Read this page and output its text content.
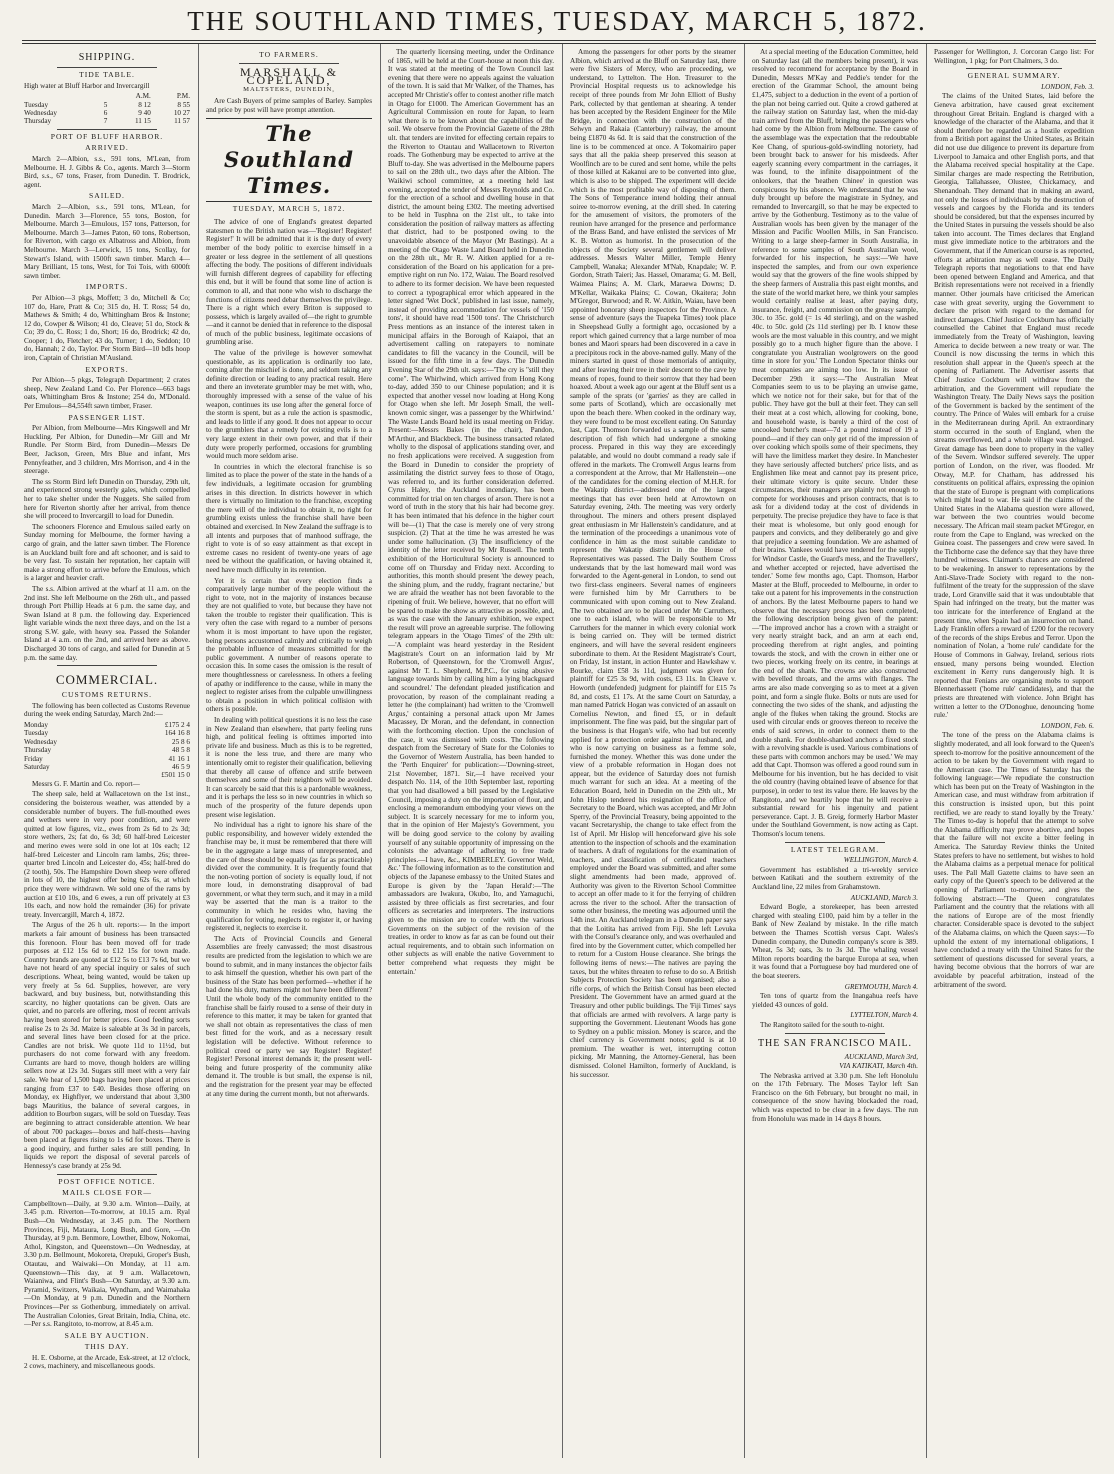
THE SOUTHLAND TIMES, TUESDAY, MARCH 5, 1872.
SHIPPING.
TIDE TABLE.

High water at Bluff Harbor and Invercargill

		A.M.	P.M.
Tuesday	5	8 12	8 55
Wednesday	6	9 40	10 27
Thursday	7	11 15	11 57
PORT OF BLUFF HARBOR.
ARRIVED.

March 2—Albion, s.s., 591 tons, M'Lean, from Melbourne. H. J. Gibbs & Co., agents. March 3—Storm Bird, s.s., 67 tons, Fraser, from Dunedin. T. Brodrick, agent.

SAILED.

March 2—Albion, s.s., 591 tons, M'Lean, for Dunedin. March 3—Florence, 55 tons, Boston, for Melbourne. March 3—Emulous, 157 tons, Patterson, for Melbourne. March 3—James Paton, 60 tons, Robertson, for Riverton, with cargo ex Albatross and Albion, from Melbourne. March 3—Lerwick, 15 tons, Scollay, for Stewart's Island, with 1500ft sawn timber. March 4—Mary Brilliant, 15 tons, West, for Toi Tois, with 6000ft sawn timber.

IMPORTS.

Per Albion—3 pkgs, Moffett; 3 do, Mitchell & Co; 107 do, Hare, Pratt & Co; 315 do, H. T. Ross; 54 do, Mathews & Smith; 4 do, Whittingham Bros & Instone; 12 do, Cowper & Wilson; 41 do, Cleave; 51 do, Stock & Co; 39 do, C. Ross; 1 do, Short; 16 do, Brodrick; 42 do, Cooper; 1 do, Fletcher; 43 do, Turner; 1 do, Seddon; 10 do, Hannah; 2 do, Taylor. Per Storm Bird—10 bdls hoop iron, Captain of Christian M'Ausland.

EXPORTS.

Per Albion—5 pkgs, Telegraph Department; 2 crates sheep, New Zealand Land Co. Per Florence—663 bags oats, Whittingham Bros & Instone; 254 do, M'Donald. Per Emulous—84,554ft sawn timber, Fraser.

PASSENGER LIST.

Per Albion, from Melbourne—Mrs Kingswell and Mr Huckling. Per Albion, for Dunedin—Mr Gill and Mr Rundle. Per Storm Bird, from Dunedin—Messrs De Beer, Jackson, Green, Mrs Blue and infant, Mrs Pennyfeather, and 3 children, Mrs Morrison, and 4 in the steerage.

The ss Storm Bird left Dunedin on Thursday, 29th ult, and experienced strong westerly gales, which compelled her to take shelter under the Nuggets. She sailed from here for Riverton shortly after her arrival, from thence she will proceed to Invercargill to load for Dunedin.

The schooners Florence and Emulous sailed early on Sunday morning for Melbourne, the former having a cargo of grain, and the latter sawn timber. The Florence is an Auckland built fore and aft schooner, and is said to be very fast. To sustain her reputation, her captain will make a strong effort to arrive before the Emulous, which is a larger and heavier craft.

The s.s. Albion arrived at the wharf at 11 a.m. on the 2nd inst. She left Melbourne on the 26th ult., and passed through Port Phillip Heads at 6 p.m. the same day, and Swan Island at 8 p.m. the following day. Experienced light variable winds the next three days, and on the 1st a strong S.W. gale, with heavy sea. Passed the Solander Island at 4 a.m. on the 2nd, and arrived here as above. Discharged 30 tons of cargo, and sailed for Dunedin at 5 p.m. the same day.

COMMERCIAL.
CUSTOMS RETURNS.

The following has been collected as Customs Revenue during the week ending Saturday, March 2nd:—

Monday	£175 2 4
Tuesday	164 16 8
Wednesday	25 8 6
Thursday	48 5 8
Friday	41 16 1
Saturday	46 5 9
	£501 15 0

Messrs G. F. Martin and Co. report—

The sheep sale, held at Wallacetown on the 1st inst., considering the boisterous weather, was attended by a considerable number of buyers. The full-mouthed ewes and wethers were in very poor condition, and were quitted at low figures, viz., ewes from 2s 6d to 2s 3d; store wethers, 2s; fat do, 6s 3d; 60 half-bred Leicester and merino ewes were sold in one lot at 10s each; 12 half-bred Leicester and Lincoln ram lambs, 26s; three-quarter bred Lincoln and Leicester do, 45s; half-bred do (2 tooth), 50s. The Hampshire Down sheep were offered in lots of 10, the highest offer being 62s 6s, at which price they were withdrawn. We sold one of the rams by auction at £10 10s, and 6 ewes, a run off privately at £3 10s each, and now hold the remainder (36) for private treaty. Invercargill, March 4, 1872.

The Argus of the 26 h ult. reports:— In the import markets a fair amount of business has been transacted this forenoon. Flour has been moved off for trade purposes at £12 15s 6d to £12 15s for town made. Country brands are quoted at £12 5s to £13 7s 6d, but we have not heard of any special inquiry or sales of such descriptions. Wheat, being wanted, would be taken up very freely at 5s 6d. Supplies, however, are very backward, and buy business, but, notwithstanding this scarcity, no higher quotations can be given. Oats are quiet, and no parcels are offering, most of recent arrivals having been stored for better prices. Good feeding sorts realise 2s to 2s 3d. Maize is saleable at 3s 3d in parcels, and several lines have been closed for at the price. Candles are not brisk. We quote 11d to 11½d, but purchasers do not come forward with any freedom. Currants are hard to move, though holders are willing sellers now at 12s 3d. Sugars still meet with a very fair sale. We hear of 1,500 bags having been placed at prices ranging from £37 to £40. Besides those offering on Monday, ex Highflyer, we understand that about 3,300 bags Mauritius, the balance of several cargoes, in addition to Bourbon sugars, will be sold on Tuesday. Teas are beginning to attract considerable attention. We hear of about 700 packages—boxes and half-chests—having been placed at figures rising to 1s 6d for boxes. There is a good inquiry, and further sales are still pending. In liquids we report the disposal of several parcels of Hennessy's case brandy at 25s 9d.

POST OFFICE NOTICE.
MAILS CLOSE FOR—

Campbelltown—Daily, at 9.30 a.m. Winton—Daily, at 3.45 p.m. Riverton—To-morrow, at 10.15 a.m. Ryal Bush—On Wednesday, at 3.45 p.m. The Northern Provinces, Fiji, Mataura, Long Bush, and Gore, —On Thursday, at 9 p.m. Benmore, Lowther, Elbow, Nokomai, Athol, Kingston, and Queenstown—On Wednesday, at 3.30 p.m. Bellmount, Mokoreta, Orepuki, Groper's Bush, Otautau, and Waiwaki—On Monday, at 11 a.m. Queenstown—This day, at 9 a.m. Wallacetown, Waianiwa, and Flint's Bush—On Saturday, at 9.30 a.m. Pyramid, Switzers, Waikaia, Wyndham, and Waimahaka—On Monday, at 9 p.m. Dunedin and the Northern Provinces—Per ss Gothenburg, immediately on arrival. The Australian Colonies, Great Britain, India, China, etc.—Per s.s. Rangitoto, to-morrow, at 8.45 a.m.

SALE BY AUCTION.
THIS DAY.

H. E. Osborne, at the Arcade, Esk-street, at 12 o'clock, 2 cows, machinery, and miscellaneous goods.

TO FARMERS.
MARSHALL & COPELAND,
MALTSTERS, DUNEDIN,

Are Cash Buyers of prime samples of Barley. Samples and price by post will have prompt attention.

The Southland Times.
TUESDAY, MARCH 5, 1872.

The advice of one of England's greatest departed statesmen to the British nation was—'Register! Register! Register!' It will be admitted that it is the duty of every member of the body politic to exercise himself in a greater or less degree in the settlement of all questions affecting the body. The positions of different individuals will furnish different degrees of capability for effecting this end, but it will be found that some line of action is common to all, and that none who wish to discharge the functions of citizens need debar themselves the privilege. There is a right which every Briton is supposed to possess, which is largely availed of—the right to grumble—and it cannot be denied that in reference to the disposal of much of the public business, legitimate occasions of grumbling arise.

The value of the privilege is however somewhat questionable, as its application is ordinarily too late, coming after the mischief is done, and seldom taking any definite direction or leading to any practical result. Here and there an inveterate grumbler may be met with, who, thoroughly impressed with a sense of the value of his weapon, continues its use long after the general force of the storm is spent, but as a rule the action is spasmodic, and leads to little if any good. It does not appear to occur to the grumblers that a remedy for existing evils is to a very large extent in their own power, and that if their duty were properly performed, occasions for grumbling would much more seldom arise.

In countries in which the electoral franchise is so limited as to place the power of the state in the hands of a few individuals, a legitimate occasion for grumbling arises in this direction. In districts however in which there is virtually no limitation to the franchise, excepting the mere will of the individual to obtain it, no right for grumbling exists unless the franchise shall have been obtained and exercised. In New Zealand the suffrage is to all intents and purposes that of manhood suffrage, the right to vote is of so easy attainment as that except in extreme cases no resident of twenty-one years of age need be without the qualification, or having obtained it, need have much difficulty in its retention.

Yet it is certain that every election finds a comparatively large number of the people without the right to vote, not in the majority of instances because they are not qualified to vote, but because they have not taken the trouble to register their qualification. This is very often the case with regard to a number of persons whom it is most important to have upon the register, being persons accustomed calmly and critically to weigh the probable influence of measures submitted for the public government. A number of reasons operate to occasion this. In some cases the omission is the result of mere thoughtlessness or carelessness. In others a feeling of apathy or indifference to the cause, while in many the neglect to register arises from the culpable unwillingness to obtain a position in which political collision with others is possible.

In dealing with political questions it is no less the case in New Zealand than elsewhere, that party feeling runs high, and political feeling is ofttimes imported into private life and business. Much as this is to be regretted, it is none the less true, and there are many who intentionally omit to register their qualification, believing that thereby all cause of offence and strife between themselves and some of their neighbors will be avoided. It can scarcely be said that this is a pardonable weakness, and it is perhaps the less so in new countries in which so much of the prosperity of the future depends upon present wise legislation.

No individual has a right to ignore his share of the public responsibility, and however widely extended the franchise may be, it must be remembered that there will be in the aggregate a large mass of unrepresented, and the care of these should be equally (as far as practicable) divided over the community. It is frequently found that the non-voting portion of society is equally loud, if not more loud, in demonstrating disapproval of bad government, or what they term such, and it may in a mild way be asserted that the man is a traitor to the community in which he resides who, having the qualification for voting, neglects to register it, or having registered it, neglects to exercise it.

The Acts of Provincial Councils and General Assemblies are freely canvassed; the most disastrous results are predicted from the legislation to which we are bound to submit, and in many instances the objector fails to ask himself the question, whether his own part of the business of the State has been performed—whether if he had done his duty, matters might not have been different? Until the whole body of the community entitled to the franchise shall be fairly roused to a sense of their duty in reference to this matter, it may be taken for granted that we shall not obtain as representatives the class of men best fitted for the work, and as a necessary result legislation will be defective. Without reference to political creed or party we say Register! Register! Register! Personal interest demands it; the present well-being and future prosperity of the community alike demand it. The trouble is but small, the expense is nil, and the registration for the present year may be effected at any time during the current month, but not afterwards.

The quarterly licensing meeting, under the Ordinance of 1865, will be held at the Court-house at noon this day. It was stated at the meeting of the Town Council last evening that there were no appeals against the valuation of the town. It is said that Mr Walker, of the Thames, has accepted Mr Christie's offer to contest another rifle match in Otago for £1000. The American Government has an Agricultural Commission en route for Japan, to learn what there is to be known about the capabilities of the soil. We observe from the Provincial Gazette of the 28th ult. that tenders are invited for effecting certain repairs to the Riverton to Otautau and Wallacetown to Riverton roads. The Gothenburg may be expected to arrive at the Bluff to-day. She was advertised in the Melbourne papers to sail on the 28th ult., two days after the Albion. The Waikiwi school committee, at a meeting held last evening, accepted the tender of Messrs Reynolds and Co. for the erection of a school and dwelling house in that district, the amount being £302. The meeting advertised to be held in Tusphna on the 21st ult., to take into consideration the position of railway matters as affecting that district, had to be postponed owing to the unavoidable absence of the Mayor (Mr Bastings). At a meeting of the Otago Waste Land Board held in Dunedin on the 28th ult., Mr R. W. Aitken applied for a re-consideration of the Board on his application for a pre-emptive right on run No. 172, Waiau. The Board resolved to adhere to its former decision. We have been requested to correct a typographical error which appeared in the letter signed 'Wet Dock', published in last issue, namely, instead of providing accommodation for vessels of '150 tons', it should have read '1500 tons'. The Christchurch Press mentions as an instance of the interest taken in municipal affairs in the Borough of Kaiapoi, that an advertisement calling on ratepayers to nominate candidates to fill the vacancy in the Council, will be issued for the fifth time in a few days. The Dunedin Evening Star of the 29th ult. says:—'The cry is "still they come". The Whirlwind, which arrived from Hong Kong to-day, added 350 to our Chinese population; and it is expected that another vessel now loading at Hong Kong for Otago when she left. Mr Joseph Small, the well-known comic singer, was a passenger by the Whirlwind.' The Waste Lands Board held its usual meeting on Friday. Present:—Messrs Bakes (in the chair), Pandon, M'Arthur, and Blackbeck. The business transacted related wholly to the disposal of applications standing over, and no fresh applications were received. A suggestion from the Board in Dunedin to consider the propriety of assimilating the district survey fees to those of Otago, was referred to, and its further consideration deferred. Cyrus Haley, the Auckland incendiary, has been committed for trial on ten charges of arson. There is not a word of truth in the story that his hair had become grey. It has been intimated that his defence in the higher court will be—(1) That the case is merely one of very strong suspicion. (2) That at the time he was arrested he was under some hallucination. (3) The insufficiency of the identity of the letter received by Mr Russell. The tenth exhibition of the Horticultural Society is announced to come off on Thursday and Friday next. According to authorities, this month should present 'the dewey peach, the shining plum, and the ruddy, fragrant nectarine,' but we are afraid the weather has not been favorable to the ripening of fruit. We believe, however, that no effort will be spared to make the show as attractive as possible, and, as was the case with the January exhibition, we expect the result will prove an agreeable surprise. The following telegram appears in the 'Otago Times' of the 29th ult:—'A complaint was heard yesterday in the Resident Magistrate's Court on an information laid by Mr Robertson, of Queenstown, for the 'Cromwell Argus', against Mr T. L. Shepherd, M.P.C., for using abusive language towards him by calling him a lying blackguard and scoundrel.' The defendant pleaded justification and provocation, by reason of the complainant reading a letter he (the complainant) had written to the 'Cromwell Argus,' containing a personal attack upon Mr James Macassey, Dr Moran, and the defendant, in connection with the forthcoming election. Upon the conclusion of the case, it was dismissed with costs. The following despatch from the Secretary of State for the Colonies to the Governor of Western Australia, has been handed to the 'Perth Enquirer' for publication:—'Downing-street, 21st November, 1871. Sir,—I have received your despatch No. 114, of the 10th September last, reporting that you had disallowed a bill passed by the Legislative Council, imposing a duty on the importation of flour, and enclosing a memorandum embodying your views on the subject. It is scarcely necessary for me to inform you, that in the opinion of Her Majesty's Government, you will be doing good service to the colony by availing yourself of any suitable opportunity of impressing on the colonists the advantage of adhering to free trade principles.—I have, &c., KIMBERLEY. Governor Weld, &c.' The following information as to the constitution and objects of the Japanese embassy to the United States and Europe is given by the 'Japan Herald':—'The ambassadors are Iwakura, Okubo, Ito, and Yamaguchi, assisted by three officials as first secretaries, and four officers as secretaries and interpreters. The instructions given to the mission are to confer with the various Governments on the subject of the revision of the treaties, in order to know as far as can be found out their actual requirements, and to obtain such information on other subjects as will enable the native Government to better comprehend what requests they might be entertain.'

Among the passengers for other ports by the steamer Albion, which arrived at the Bluff on Saturday last, there were five Sisters of Mercy, who are proceeding, we understand, to Lyttelton. The Hon. Treasurer to the Provincial Hospital requests us to acknowledge his receipt of three pounds from Mr John Elliott of Bushy Park, collected by that gentleman at shearing. A tender has been accepted by the Resident Engineer for the Mile Bridge, in connection with the construction of the Selwyn and Rakaia (Canterbury) railway, the amount being £1870 4s 6d. It is said that the construction of the line is to be commenced at once. A Tokomairiro paper says that all the pakia sheep preserved this season at Woolfinch are to be cured and sent home, while the pelts of those killed at Kakanui are to be converted into glue, which is also to be shipped. The experiment will decide which is the most profitable way of disposing of them. The Sons of Temperance intend holding their annual soiree to-morrow evening, at the drill shed. In catering for the amusement of visitors, the promoters of the reunion have arranged for the presence and performance of the Brass Band, and have enlisted the services of Mr K. B. Wotton as humorist. In the prosecution of the objects of the Society several gentlemen will deliver addresses. Messrs Walter Miller, Temple Henry Campbell, Wanaka; Alexander M'Nab, Knapdale; W. P. Gordon, Strath Taieri; Jas. Hassel, Omarama; G. M. Bell, Waimea Plains; A. M. Clark, Maraewa Downs; D. M'Kellar, Waikaka Plains; C. Cowan, Okaitera; John M'Gregor, Burwood; and R. W. Aitkin, Waiau, have been appointed honorary sheep inspectors for the Province. A sense of adventure (says the Tuapeka Times) took place in Sheepshead Gully a fortnight ago, occasioned by a report which gained currency that a large number of moa bones and Maori spears had been discovered in a cave in a precipitous rock in the above-named gully. Many of the miners started in quest of those memorials of antiquity, and after leaving their tree in their descent to the cave by means of ropes, found to their sorrow that they had been hoaxed. About a week ago our agent at the Bluff sent us a sample of the sprats (or 'garries' as they are called in some parts of Scotland), which are occasionally met upon the beach there. When cooked in the ordinary way, they were found to be most excellent eating. On Saturday last, Capt. Thomson forwarded us a sample of the same description of fish which had undergone a smoking process. Prepared in this way they are exceedingly palatable, and would no doubt command a ready sale if offered in the markets. The Cromwell Argus learns from a correspondent at the Arrow, that Mr Hallenstein—one of the candidates for the coming election of M.H.R. for the Wakatip district—addressed one of the largest meetings that has ever been held at Arrowtown on Saturday evening, 24th. The meeting was very orderly throughout. The miners and others present displayed great enthusiasm in Mr Hallenstein's candidature, and at the termination of the proceedings a unanimous vote of confidence in him as the most suitable candidate to represent the Wakatip district in the House of Representatives was passed. The Daily Southern Cross understands that by the last homeward mail word was forwarded to the Agent-general in London, to send out two first-class engineers. Several names of engineers were furnished him by Mr Carruthers to be communicated with upon coming out to New Zealand. The two obtained are to be placed under Mr Carruthers, one to each island, who will be responsible to Mr Carruthers for the manner in which every colonial work is being carried on. They will be termed district engineers, and will have the several resident engineers subordinate to them. At the Resident Magistrate's Court, on Friday, 1st instant, in action Hunter and Hawkshaw v. Bourke, claim £58 3s 11d, judgment was given for plaintiff for £25 3s 9d, with costs, £3 11s. In Cleave v. Howorth (undefended) judgment for plaintiff for £15 7s 8d, and costs, £1 17s. At the same Court on Saturday, a man named Patrick Hogan was convicted of an assault on Cornelius Newton, and fined £5, or in default imprisonment. The fine was paid, but the singular part of the business is that Hogan's wife, who had but recently applied for a protection order against her husband, and who is now carrying on business as a femme sole, furnished the money. Whether this was done under the view of a probable reformation in Hogan does not appear, but the evidence of Saturday does not furnish much warrant for such an idea. At a meeting of the Education Board, held in Dunedin on the 29th ult., Mr John Hislop tendered his resignation of the office of Secretary to the Board, which was accepted, and Mr John Sperry, of the Provincial Treasury, being appointed to the vacant Secretaryship, the change to take effect from the 1st of April. Mr Hislop will henceforward give his sole attention to the inspection of schools and the examination of teachers. A draft of regulations for the examination of teachers, and classification of certificated teachers employed under the Board was submitted, and after some slight amendments had been made, approved of. Authority was given to the Riverton School Committee to accept an offer made to it for the ferrying of children across the river to the school. After the transaction of some other business, the meeting was adjourned until the 14th inst. An Auckland telegram in a Dunedin paper says that the Loitita has arrived from Fiji. She left Levuka with the Consul's clearance only, and was overhauled and fired into by the Government cutter, which compelled her to return for a Custom House clearance. She brings the following items of news:—The natives are paying the taxes, but the whites threaten to refuse to do so. A British Subjects Protection Society has been organised; also a rifle corps, of which the British Consul has been elected President. The Government have an armed guard at the Treasury and other public buildings. The 'Fiji Times' says that officials are armed with revolvers. A large party is supporting the Government. Lieutenant Woods has gone to Sydney on a public mission. Money is scarce, and the chief currency is Government notes; gold is at 10 premium. The weather is wet, interrupting cotton picking. Mr Manning, the Attorney-General, has been dismissed. Colonel Hamilton, formerly of Auckland, is his successor.

At a special meeting of the Education Committee, held on Saturday last (all the members being present), it was resolved to recommend for acceptance by the Board in Dunedin, Messrs M'Kay and Peddie's tender for the erection of the Grammar School, the amount being £1,475, subject to a deduction in the event of a portion of the plan not being carried out. Quite a crowd gathered at the railway station on Saturday last, when the mid-day train arrived from the Bluff, bringing the passengers who had come by the Albion from Melbourne. The cause of the assemblage was the expectation that the redoubtable Kee Chang, of spurious-gold-swindling notoriety, had been brought back to answer for his misdeeds. After eagerly scanning every compartment in the carriages, it was found, to the infinite disappointment of the onlookers, that the 'heathen Chinee' in question was conspicuous by his absence. We understand that he was duly brought up before the magistrate in Sydney, and remanded to Invercargill, so that he may be expected to arrive by the Gothenburg. Testimony as to the value of Australian wools has been given by the manager of the Mission and Pacific Woollen Mills, in San Francisco. Writing to a large sheep-farmer in South Australia, in reference to some samples of South Australian wool, forwarded for his inspection, he says:—'We have inspected the samples, and from our own experience would say that the growers of the fine wools shipped by the sheep farmers of Australia this past eight months, and the state of the world market here, we think your samples would certainly realise at least, after paying duty, insurance, freight, and commission on the greasy sample, 30c. to 35c. gold (= 1s 4d sterling), and on the washed 40c. to 50c. gold (2s 11d sterling) per lb. I know these wools are the most valuable in this country, and we might possibly go to a much higher figure than the above. I congratulate you Australian woolgrowers on the good time in store for you.' The London Spectator thinks our meat companies are aiming too low. In its issue of December 29th it says:—'The Australian Meat Companies seem to us to be playing an unwise game, which we notice not for their sake, but for that of the public. They have got the bull at their feet. They can sell their meat at a cost which, allowing for cooking, bone, and household waste, is barely a third of the cost of uncooked butcher's meat—7d a pound instead of 19 a pound—and if they can only get rid of the impression of over cooking which spoils some of their specimens, they will have the limitless market they desire. In Manchester they have seriously affected butchers' price lists, and as Englishmen like meat and cannot pay its present price, their ultimate victory is quite secure. Under these circumstances, their managers are plainly not enough to compete for workhouses and prison contracts, that is to ask for a dividend today at the cost of dividends in perpetuity. The precise prejudice they have to face is that their meat is wholesome, but only good enough for paupers and convicts, and they deliberately go and give that prejudice a seeming foundation. We are ashamed of their brains. Yankees would have tendered for the supply for Windsor Castle, the Guard's mess, and the Travellers', and whether accepted or rejected, have advertised the tender.' Some few months ago, Capt. Thomson, Harbor Master at the Bluff, proceeded to Melbourne, in order to take out a patent for his improvements in the construction of anchors. By the latest Melbourne papers to hand we observe that the necessary process has been completed, the following description being given of the patent:—'The improved anchor has a crown with a straight or very nearly straight back, and an arm at each end, proceeding therefrom at right angles, and pointing towards the stock, and with the crown in either one or two pieces, working freely on its centre, in bearings at the end of the shank. The crowns are also constructed with bevelled throats, and the arms with flanges. The arms are also made converging so as to meet at a given point, and form a single fluke. Bolts or nuts are used for connecting the two sides of the shank, and adjusting the angle of the flukes when taking the ground. Stocks are used with circular ends or grooves thereon to receive the ends of said screws, in order to connect them to the double shank. For double-shanked anchors a fixed stock with a revolving shackle is used. Various combinations of these parts with common anchors may be used.' We may add that Capt. Thomson was offered a good round sum in Melbourne for his invention, but he has decided to visit the old country (having obtained leave of absence for that purpose), in order to test its value there. He leaves by the Rangitoto, and we heartily hope that he will receive a substantial reward for his ingenuity and patient perseverance. Capt. J. B. Greig, formerly Harbor Master under the Southland Government, is now acting as Capt. Thomson's locum tenens.

LATEST TELEGRAM.
WELLINGTON, March 4.

Government has established a tri-weekly service between Katikati and the southern extremity of the Auckland line, 22 miles from Grahamstown.

AUCKLAND, March 3.

Edward Bogle, a storekeeper, has been arrested charged with stealing £100, paid him by a teller in the Bank of New Zealand by mistake. In the rifle match between the Thames Scottish versus Capt. Wales's Dunedin company, the Dunedin company's score is 389. Wheat, 5s 3d; oats, 3s to 3s 3d. The whaling vessel Milton reports boarding the barque Europa at sea, when it was found that a Portuguese boy had murdered one of the boat steerers.

GREYMOUTH, March 4.

Ten tons of quartz from the Inangahua reefs have yielded 43 ounces of gold.

LYTTELTON, March 4.

The Rangitoto sailed for the south to-night.

THE SAN FRANCISCO MAIL.
AUCKLAND, March 3rd,
VIA KATIKATI, March 4th.

The Nebraska arrived at 3.30 p.m. She left Honolulu on the 17th February. The Moses Taylor left San Francisco on the 6th February, but brought no mail, in consequence of the snow having blockaded the road, which was expected to be clear in a few days. The run from Honolulu was made in 14 days 8 hours.

Passenger for Wellington, J. Corcoran Cargo list: For Wellington, 1 pkg; for Port Chalmers, 3 do.

GENERAL SUMMARY.
LONDON, Feb. 3.

The claims of the United States, laid before the Geneva arbitration, have caused great excitement throughout Great Britain. England is charged with a knowledge of the character of the Alabama, and that it should therefore be regarded as a hostile expedition from a British port against the United States, as Britain did not use due diligence to prevent its departure from Liverpool to Jamaica and other English ports, and that the Alabama received special hospitality at the Cape. Similar charges are made respecting the Retribution, Georgia, Tallahassee, Olustee, Chickamacy, and Shenandoah. They demand that in making an award, not only the losses of individuals by the destruction of vessels and cargoes by the Florida and its tenders should be considered, but that the expenses incurred by the United States in pursuing the vessels should be also taken into account. The Times declares that England must give immediate notice to the arbitrators and the Government, that if the American course is as reported, efforts at arbitration may as well cease. The Daily Telegraph reports that negotiations to that end have been opened between England and America, and that British representations were not received in a friendly manner. Other journals have criticised the American case with great severity, urging the Government to declare the prison with regard to the demand for indirect damages. Chief Justice Cockburn has officially counselled the Cabinet that England must recede immediately from the Treaty of Washington, leaving America to decide between a new treaty or war. The Council is now discussing the terms in which this resolution shall appear in the Queen's speech at the opening of Parliament. The Advertiser asserts that Chief Justice Cockburn will withdraw from the arbitration, and the Government will repudiate the Washington Treaty. The Daily News says the position of the Government is backed by the sentiment of the country. The Prince of Wales will embark for a cruise in the Mediterranean during April. An extraordinary storm occurred in the south of England, when the streams overflowed, and a whole village was deluged. Great damage has been done to property in the valley of the Severn. Windsor suffered severely. The upper portion of London, on the river, was flooded. Mr Otway, M.P. for Chatham, has addressed his constituents on political affairs, expressing the opinion that the state of Europe is pregnant with complications which might lead to war. He said if the claims of the United States in the Alabama question were allowed, war between the two countries would become necessary. The African mail steam packet M'Gregor, en route from the Cape to England, was wrecked on the Guinea coast. The passengers and crew were saved. In the Tichborne case the defence say that they have three hundred witnesses. Claimant's chances are considered to be weakening. In answer to representations by the Anti-Slave-Trade Society with regard to the non-fulfilment of the treaty for the suppression of the slave trade, Lord Granville said that it was undoubtable that Spain had infringed on the treaty, but the matter was too intricate for the interference of England at the present time, when Spain had an insurrection on hand. Lady Franklin offers a reward of £200 for the recovery of the records of the ships Erebus and Terror. Upon the nomination of Nolan, a 'home rule' candidate for the House of Commons in Galway, Ireland, serious riots ensued, many persons being wounded. Election excitement in Kerry runs dangerously high. It is reported that Fenians are organising mobs to support Blennerhassett ('home rule' candidates), and that the priests are threatened with violence. John Bright has written a letter to the O'Donoghue, denouncing 'home rule.'

LONDON, Feb. 6.

The tone of the press on the Alabama claims is slightly moderated, and all look forward to the Queen's speech to-morrow for the positive announcement of the action to be taken by the Government with regard to the American case. The Times of Saturday has the following language:—'We repudiate the construction which has been put on the Treaty of Washington in the American case, and must withdraw from arbitration if this construction is insisted upon, but this point rectified, we are ready to stand loyally by the Treaty.' The Times to-day is hopeful that the attempt to solve the Alabama difficulty may prove abortive, and hopes that the failure will not excite a bitter feeling in America. The Saturday Review thinks the United States prefers to have no settlement, but wishes to hold the Alabama claims as a perpetual menace for political uses. The Pall Mall Gazette claims to have seen an early copy of the Queen's speech to be delivered at the opening of Parliament to-morrow, and gives the following abstract:—'The Queen congratulates Parliament and the country that the relations with all the nations of Europe are of the most friendly character. Considerable space is devoted to the subject of the Alabama claims, on which the Queen says:—To uphold the extent of my international obligations, I have concluded a treaty with the United States for the settlement of questions discussed for several years, a having become obvious that the horrors of war are avoidable by peaceful arbitration, instead of the arbitrament of the sword.
